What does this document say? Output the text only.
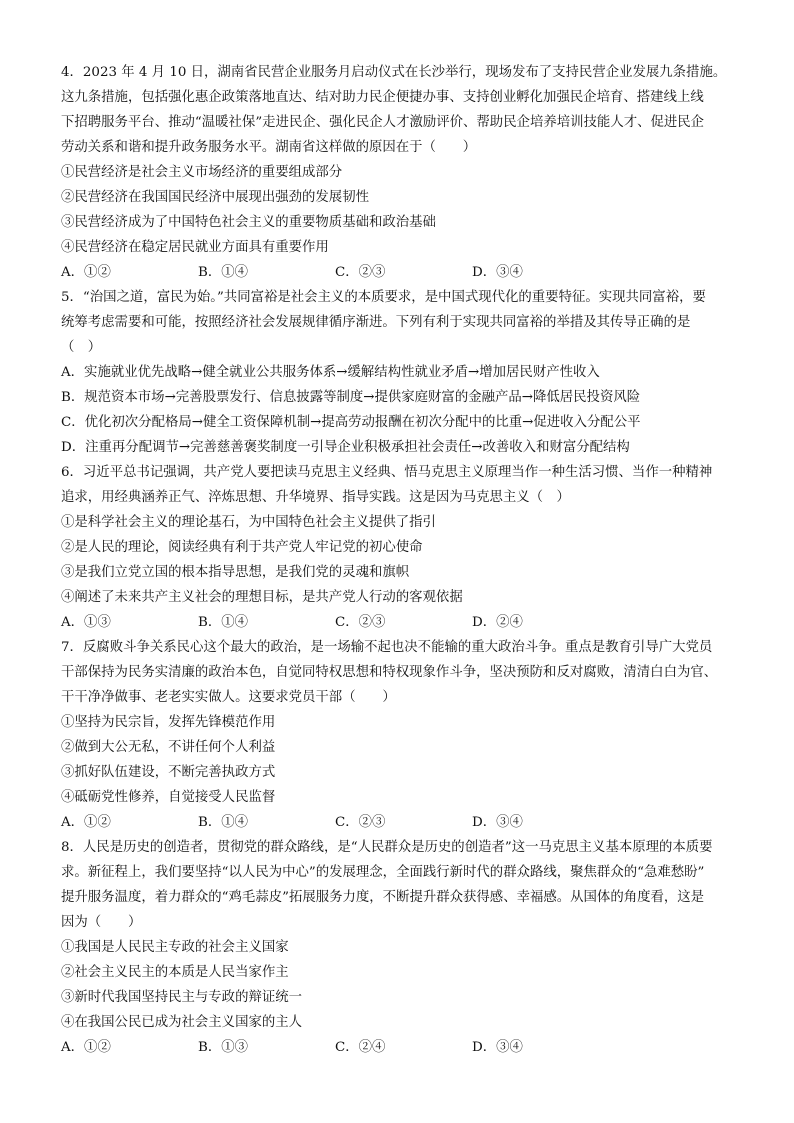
4．2023 年 4 月 10 日，湖南省民营企业服务月启动仪式在长沙举行，现场发布了支持民营企业发展九条措施。
这九条措施，包括强化惠企政策落地直达、结对助力民企便捷办事、支持创业孵化加强民企培育、搭建线上线
下招聘服务平台、推动“温暖社保”走进民企、强化民企人才激励评价、帮助民企培养培训技能人才、促进民企
劳动关系和谐和提升政务服务水平。湖南省这样做的原因在于（　　）
①民营经济是社会主义市场经济的重要组成部分
②民营经济在我国国民经济中展现出强劲的发展韧性
③民营经济成为了中国特色社会主义的重要物质基础和政治基础
④民营经济在稳定居民就业方面具有重要作用
A．①②	B．①④	C．②③	D．③④
5．“治国之道，富民为始。”共同富裕是社会主义的本质要求，是中国式现代化的重要特征。实现共同富裕，要
统筹考虑需要和可能，按照经济社会发展规律循序渐进。下列有利于实现共同富裕的举措及其传导正确的是
（　）
A．实施就业优先战略→健全就业公共服务体系→缓解结构性就业矛盾→增加居民财产性收入
B．规范资本市场→完善股票发行、信息披露等制度→提供家庭财富的金融产品→降低居民投资风险
C．优化初次分配格局→健全工资保障机制→提高劳动报酬在初次分配中的比重→促进收入分配公平
D．注重再分配调节→完善慈善褒奖制度一引导企业积极承担社会责任→改善收入和财富分配结构
6．习近平总书记强调，共产党人要把读马克思主义经典、悟马克思主义原理当作一种生活习惯、当作一种精神
追求，用经典涵养正气、淬炼思想、升华境界、指导实践。这是因为马克思主义（　）
①是科学社会主义的理论基石，为中国特色社会主义提供了指引
②是人民的理论，阅读经典有利于共产党人牢记党的初心使命
③是我们立党立国的根本指导思想，是我们党的灵魂和旗帜
④阐述了未来共产主义社会的理想目标，是共产党人行动的客观依据
A．①③	B．①④	C．②③	D．②④
7．反腐败斗争关系民心这个最大的政治，是一场输不起也决不能输的重大政治斗争。重点是教育引导广大党员
干部保持为民务实清廉的政治本色，自觉同特权思想和特权现象作斗争，坚决预防和反对腐败，清清白白为官、
干干净净做事、老老实实做人。这要求党员干部（　　）
①坚持为民宗旨，发挥先锋模范作用
②做到大公无私，不讲任何个人利益
③抓好队伍建设，不断完善执政方式
④砥砺党性修养，自觉接受人民监督
A．①②	B．①④	C．②③	D．③④
8．人民是历史的创造者，贯彻党的群众路线，是“人民群众是历史的创造者”这一马克思主义基本原理的本质要
求。新征程上，我们要坚持“以人民为中心”的发展理念，全面践行新时代的群众路线，聚焦群众的“急难愁盼”
提升服务温度，着力群众的“鸡毛蒜皮”拓展服务力度，不断提升群众获得感、幸福感。从国体的角度看，这是
因为（　　）
①我国是人民民主专政的社会主义国家
②社会主义民主的本质是人民当家作主
③新时代我国坚持民主与专政的辩证统一
④在我国公民已成为社会主义国家的主人
A．①②	B．①③	C．②④	D．③④
